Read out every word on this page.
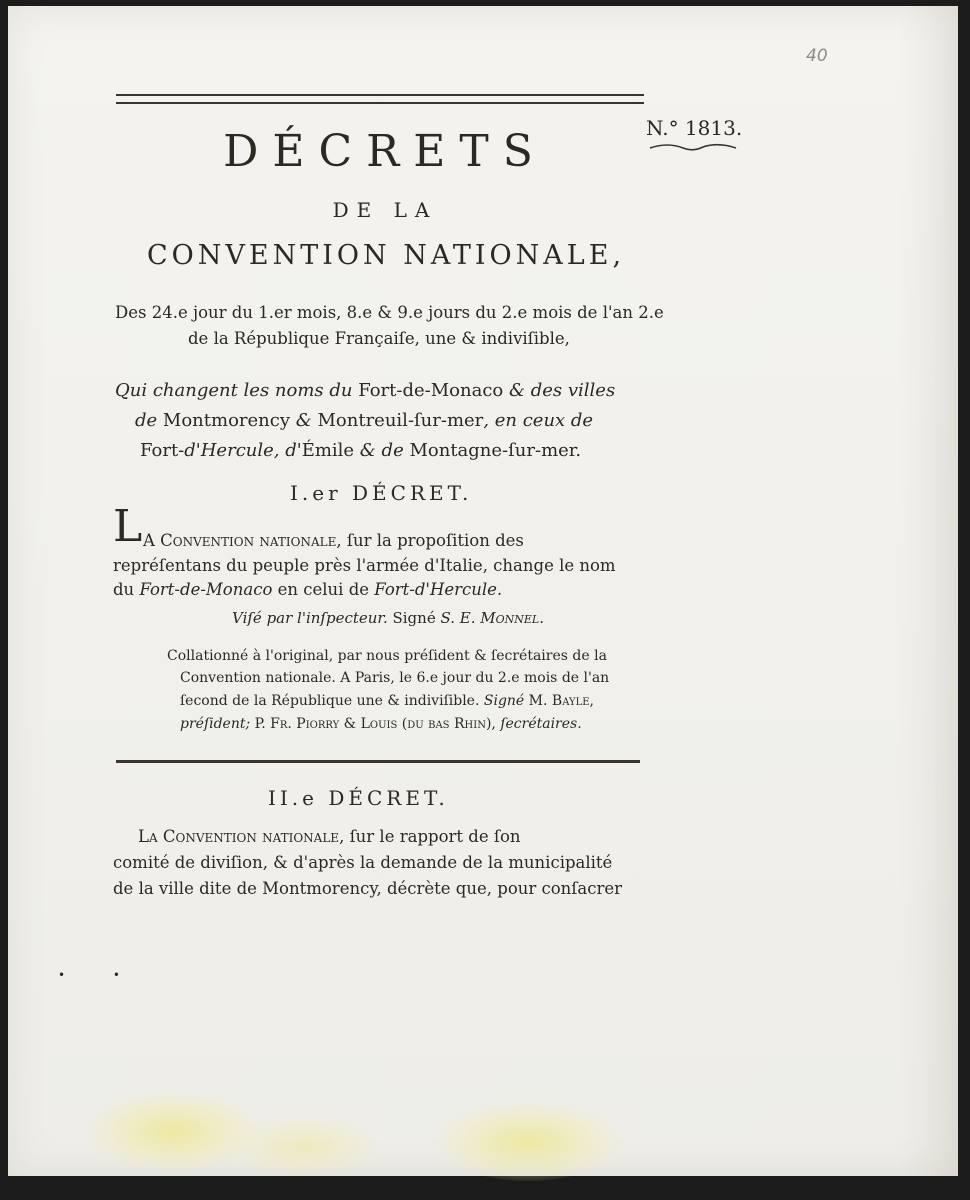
40
N.° 1813.
DÉCRETS
DE LA
CONVENTION NATIONALE,
Des 24.e jour du 1.er mois, 8.e & 9.e jours du 2.e mois de l'an 2.e
de la République Françaiſe, une & indiviſible,
Qui changent les noms du Fort-de-Monaco & des villes
de Montmorency & Montreuil-ſur-mer, en ceux de
Fort-d'Hercule, d'Émile & de Montagne-ſur-mer.
I.er DÉCRET.
L A Convention nationale, ſur la propoſition des
repréſentans du peuple près l'armée d'Italie, change le nom
du Fort-de-Monaco en celui de Fort-d'Hercule.
Viſé par l'inſpecteur. Signé S. E. Monnel.
Collationné à l'original, par nous préſident & ſecrétaires de la
Convention nationale. A Paris, le 6.e jour du 2.e mois de l'an
ſecond de la République une & indiviſible. Signé M. Bayle,
préſident; P. Fr. Piorry & Louis (du bas Rhin), ſecrétaires.
II.e DÉCRET.
La Convention nationale, ſur le rapport de ſon
comité de diviſion, & d'après la demande de la municipalité
de la ville dite de Montmorency, décrète que, pour conſacrer
• •
